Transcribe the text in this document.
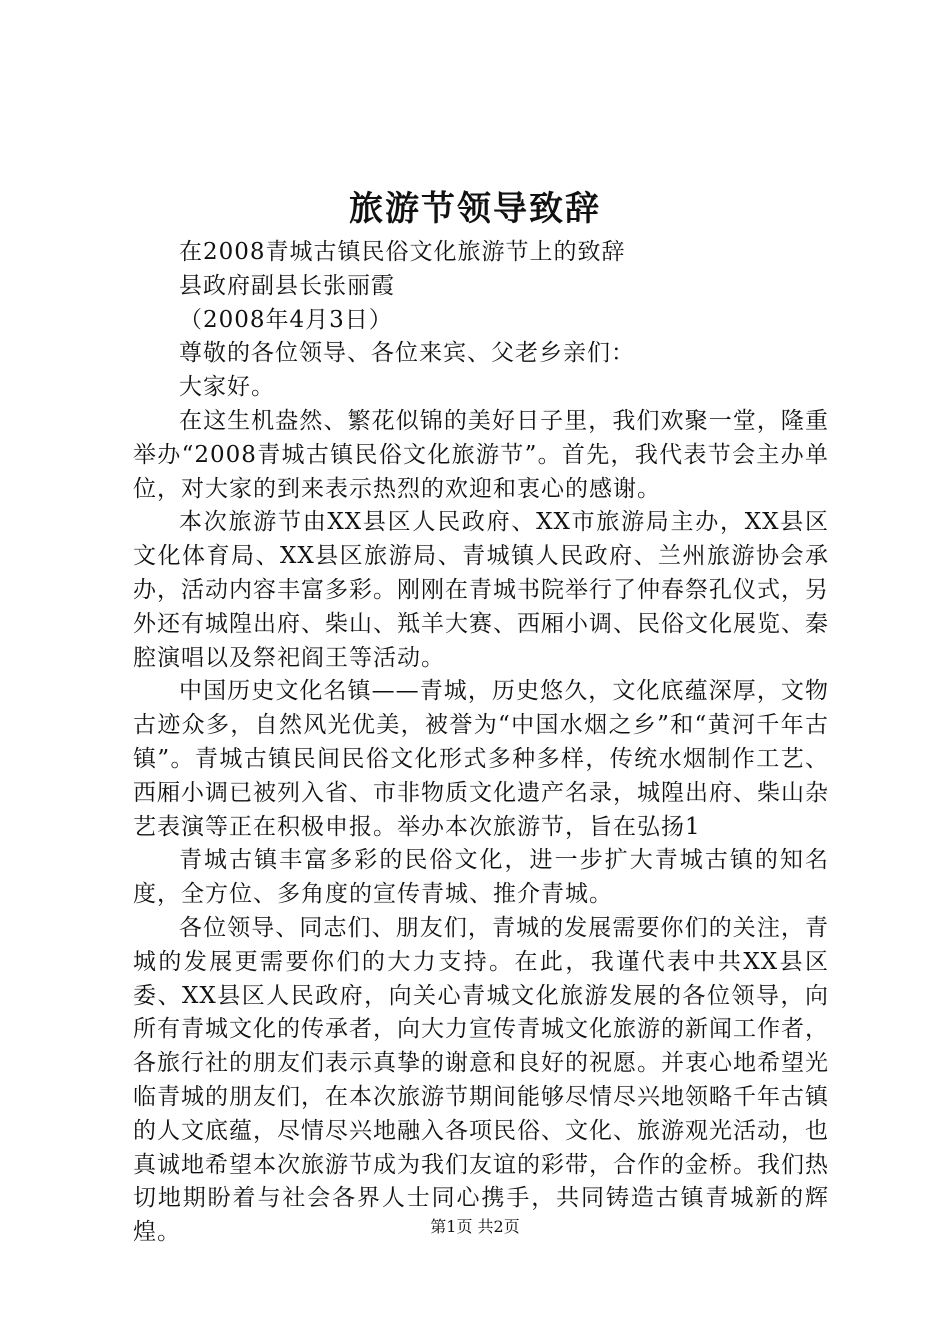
旅游节领导致辞

在2008青城古镇民俗文化旅游节上的致辞

县政府副县长张丽霞

（2008年4月3日）

尊敬的各位领导、各位来宾、父老乡亲们：

大家好。

在这生机盎然、繁花似锦的美好日子里，我们欢聚一堂，隆重举办“2008青城古镇民俗文化旅游节”。首先，我代表节会主办单位，对大家的到来表示热烈的欢迎和衷心的感谢。

本次旅游节由XX县区人民政府、XX市旅游局主办，XX县区文化体育局、XX县区旅游局、青城镇人民政府、兰州旅游协会承办，活动内容丰富多彩。刚刚在青城书院举行了仲春祭孔仪式，另外还有城隍出府、柴山、羝羊大赛、西厢小调、民俗文化展览、秦腔演唱以及祭祀阎王等活动。

中国历史文化名镇——青城，历史悠久，文化底蕴深厚，文物古迹众多，自然风光优美，被誉为“中国水烟之乡”和“黄河千年古镇”。青城古镇民间民俗文化形式多种多样，传统水烟制作工艺、西厢小调已被列入省、市非物质文化遗产名录，城隍出府、柴山杂艺表演等正在积极申报。举办本次旅游节，旨在弘扬1

青城古镇丰富多彩的民俗文化，进一步扩大青城古镇的知名度，全方位、多角度的宣传青城、推介青城。

各位领导、同志们、朋友们，青城的发展需要你们的关注，青城的发展更需要你们的大力支持。在此，我谨代表中共XX县区委、XX县区人民政府，向关心青城文化旅游发展的各位领导，向所有青城文化的传承者，向大力宣传青城文化旅游的新闻工作者，各旅行社的朋友们表示真挚的谢意和良好的祝愿。并衷心地希望光临青城的朋友们，在本次旅游节期间能够尽情尽兴地领略千年古镇的人文底蕴，尽情尽兴地融入各项民俗、文化、旅游观光活动，也真诚地希望本次旅游节成为我们友谊的彩带，合作的金桥。我们热切地期盼着与社会各界人士同心携手，共同铸造古镇青城新的辉煌。	第1页 共2页
